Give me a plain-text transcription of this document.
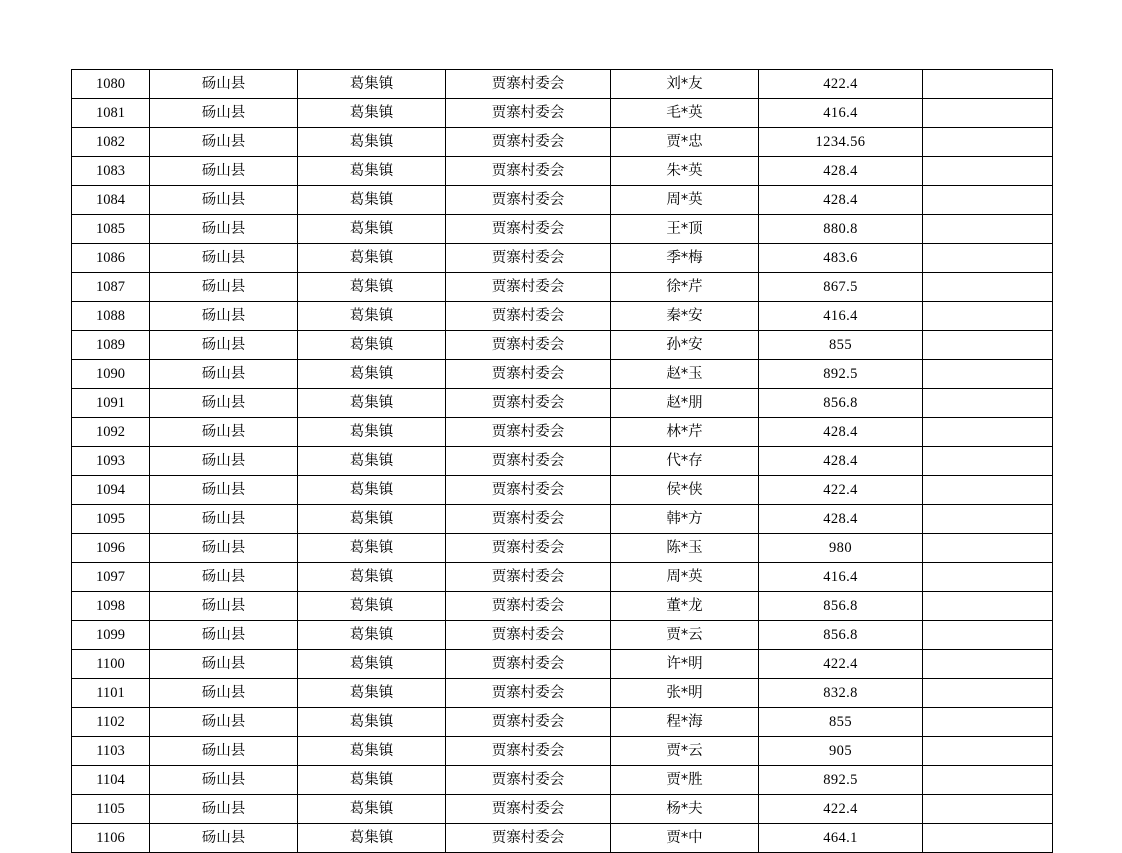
1080	砀山县	葛集镇	贾寨村委会	刘*友	422.4	
1081	砀山县	葛集镇	贾寨村委会	毛*英	416.4	
1082	砀山县	葛集镇	贾寨村委会	贾*忠	1234.56	
1083	砀山县	葛集镇	贾寨村委会	朱*英	428.4	
1084	砀山县	葛集镇	贾寨村委会	周*英	428.4	
1085	砀山县	葛集镇	贾寨村委会	王*顶	880.8	
1086	砀山县	葛集镇	贾寨村委会	季*梅	483.6	
1087	砀山县	葛集镇	贾寨村委会	徐*芹	867.5	
1088	砀山县	葛集镇	贾寨村委会	秦*安	416.4	
1089	砀山县	葛集镇	贾寨村委会	孙*安	855	
1090	砀山县	葛集镇	贾寨村委会	赵*玉	892.5	
1091	砀山县	葛集镇	贾寨村委会	赵*朋	856.8	
1092	砀山县	葛集镇	贾寨村委会	林*芹	428.4	
1093	砀山县	葛集镇	贾寨村委会	代*存	428.4	
1094	砀山县	葛集镇	贾寨村委会	侯*侠	422.4	
1095	砀山县	葛集镇	贾寨村委会	韩*方	428.4	
1096	砀山县	葛集镇	贾寨村委会	陈*玉	980	
1097	砀山县	葛集镇	贾寨村委会	周*英	416.4	
1098	砀山县	葛集镇	贾寨村委会	董*龙	856.8	
1099	砀山县	葛集镇	贾寨村委会	贾*云	856.8	
1100	砀山县	葛集镇	贾寨村委会	许*明	422.4	
1101	砀山县	葛集镇	贾寨村委会	张*明	832.8	
1102	砀山县	葛集镇	贾寨村委会	程*海	855	
1103	砀山县	葛集镇	贾寨村委会	贾*云	905	
1104	砀山县	葛集镇	贾寨村委会	贾*胜	892.5	
1105	砀山县	葛集镇	贾寨村委会	杨*夫	422.4	
1106	砀山县	葛集镇	贾寨村委会	贾*中	464.1	
